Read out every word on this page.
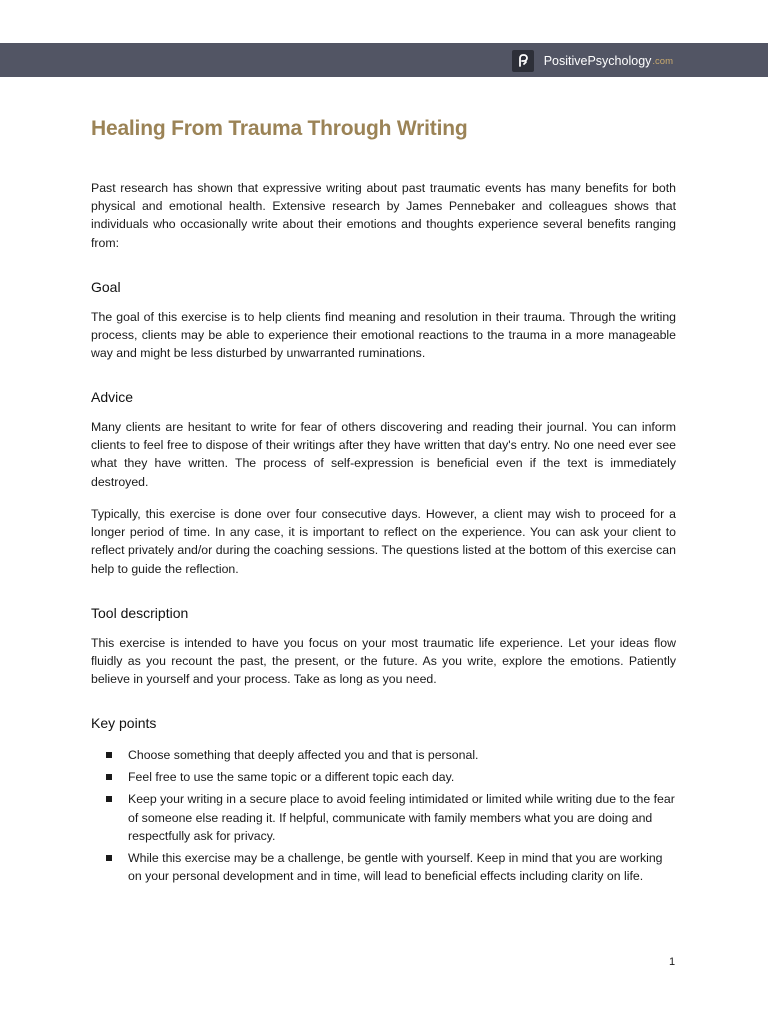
PositivePsychology .com
Healing From Trauma Through Writing

Past research has shown that expressive writing about past traumatic events has many benefits for both physical and emotional health. Extensive research by James Pennebaker and colleagues shows that individuals who occasionally write about their emotions and thoughts experience several benefits ranging from:

Goal

The goal of this exercise is to help clients find meaning and resolution in their trauma. Through the writing process, clients may be able to experience their emotional reactions to the trauma in a more manageable way and might be less disturbed by unwarranted ruminations.

Advice

Many clients are hesitant to write for fear of others discovering and reading their journal. You can inform clients to feel free to dispose of their writings after they have written that day's entry. No one need ever see what they have written. The process of self-expression is beneficial even if the text is immediately destroyed.

Typically, this exercise is done over four consecutive days. However, a client may wish to proceed for a longer period of time. In any case, it is important to reflect on the experience. You can ask your client to reflect privately and/or during the coaching sessions. The questions listed at the bottom of this exercise can help to guide the reflection.

Tool description

This exercise is intended to have you focus on your most traumatic life experience. Let your ideas flow fluidly as you recount the past, the present, or the future. As you write, explore the emotions. Patiently believe in yourself and your process. Take as long as you need.

Key points
Choose something that deeply affected you and that is personal.
Feel free to use the same topic or a different topic each day.
Keep your writing in a secure place to avoid feeling intimidated or limited while writing due to the fear of someone else reading it. If helpful, communicate with family members what you are doing and respectfully ask for privacy.
While this exercise may be a challenge, be gentle with yourself. Keep in mind that you are working on your personal development and in time, will lead to beneficial effects including clarity on life.
1
